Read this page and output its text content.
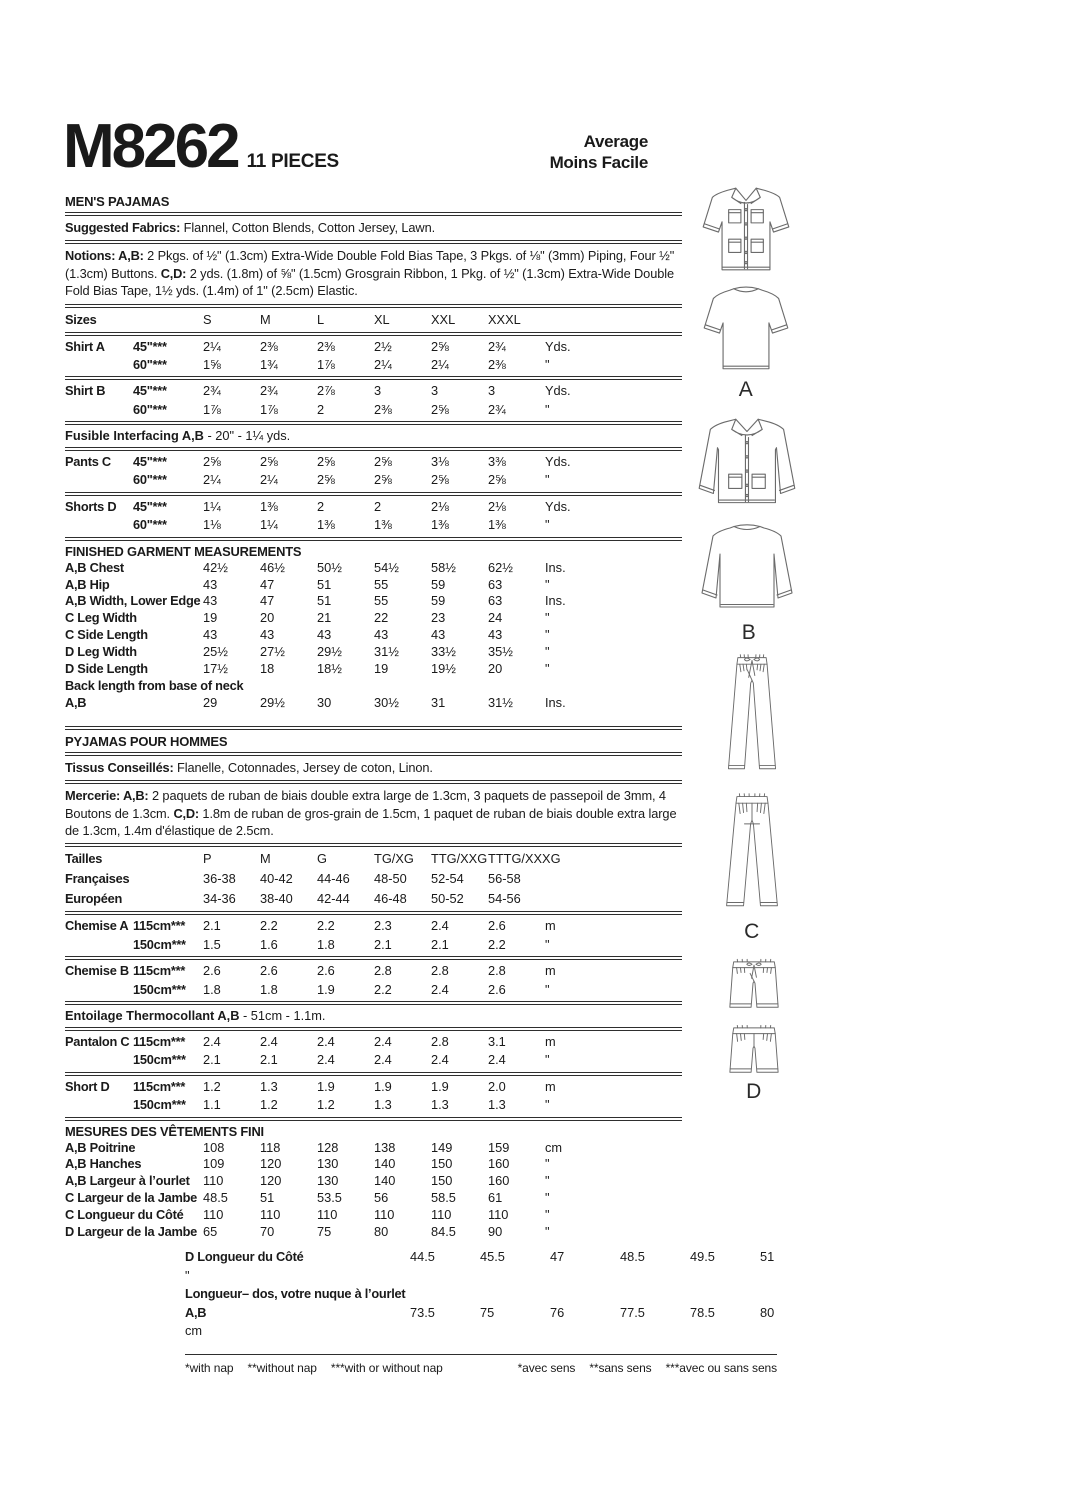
M8262 11 PIECES
Average
Moins Facile
MEN'S PAJAMAS
Suggested Fabrics: Flannel, Cotton Blends, Cotton Jersey, Lawn.
Notions: A,B: 2 Pkgs. of ½" (1.3cm) Extra-Wide Double Fold Bias Tape, 3 Pkgs. of ⅛" (3mm) Piping, Four ½" (1.3cm) Buttons. C,D: 2 yds. (1.8m) of ⅝" (1.5cm) Grosgrain Ribbon, 1 Pkg. of ½" (1.3cm) Extra-Wide Double Fold Bias Tape, 1½ yds. (1.4m) of 1" (2.5cm) Elastic.
Sizes	S	M	L	XL	XXL	XXXL
Shirt A	45"***	2¼	2⅜	2⅜	2½	2⅝	2¾	Yds.
60"***	1⅝	1¾	1⅞	2¼	2¼	2⅜	"
Shirt B	45"***	2¾	2¾	2⅞	3	3	3	Yds.
60"***	1⅞	1⅞	2	2⅜	2⅝	2¾	"
Fusible Interfacing A,B - 20" - 1¼ yds.
Pants C	45"***	2⅝	2⅝	2⅝	2⅝	3⅛	3⅜	Yds.
60"***	2¼	2¼	2⅝	2⅝	2⅝	2⅝	"
Shorts D	45"***	1¼	1⅜	2	2	2⅛	2⅛	Yds.
60"***	1⅛	1¼	1⅜	1⅜	1⅜	1⅜	"
FINISHED GARMENT MEASUREMENTS
A,B Chest	42½	46½	50½	54½	58½	62½	Ins.
A,B Hip	43	47	51	55	59	63	"
A,B Width, Lower Edge 43	47	51	55	59	63	Ins.
C Leg Width	19	20	21	22	23	24	"
C Side Length	43	43	43	43	43	43	"
D Leg Width	25½	27½	29½	31½	33½	35½	"
D Side Length	17½	18	18½	19	19½	20	"
Back length from base of neck
A,B	29	29½	30	30½	31	31½	Ins.
PYJAMAS POUR HOMMES
Tissus Conseillés: Flanelle, Cotonnades, Jersey de coton, Linon.
Mercerie: A,B: 2 paquets de ruban de biais double extra large de 1.3cm, 3 paquets de passepoil de 3mm, 4 Boutons de 1.3cm. C,D: 1.8m de ruban de gros-grain de 1.5cm, 1 paquet de ruban de biais double extra large de 1.3cm, 1.4m d'élastique de 2.5cm.
Tailles	P	M	G	TG/XG	TTG/XXG TTTG/XXXG
Françaises	36-38	40-42	44-46	48-50	52-54	56-58
Européen	34-36	38-40	42-44	46-48	50-52	54-56
Chemise A 115cm***	2.1	2.2	2.2	2.3	2.4	2.6	m
150cm***	1.5	1.6	1.8	2.1	2.1	2.2	"
Chemise B 115cm***	2.6	2.6	2.6	2.8	2.8	2.8	m
150cm***	1.8	1.8	1.9	2.2	2.4	2.6	"
Entoilage Thermocollant A,B - 51cm - 1.1m.
Pantalon C 115cm***	2.4	2.4	2.4	2.4	2.8	3.1	m
150cm***	2.1	2.1	2.4	2.4	2.4	2.4	"
Short D	115cm***	1.2	1.3	1.9	1.9	1.9	2.0	m
150cm***	1.1	1.2	1.2	1.3	1.3	1.3	"
MESURES DES VÊTEMENTS FINI
A,B Poitrine	108	118	128	138	149	159	cm
A,B Hanches	109	120	130	140	150	160	"
A,B Largeur à l’ourlet	110	120	130	140	150	160	"
C Largeur de la Jambe 48.5	51	53.5	56	58.5	61	"
C Longueur du Côté	110	110	110	110	110	110	"
D Largeur de la Jambe 65	70	75	80	84.5	90	"
D Longueur du Côté	44.5	45.5	47	48.5	49.5	51
"
Longueur– dos, votre nuque à l’ourlet
A,B	73.5	75	76	77.5	78.5	80
cm
*with nap **without nap ***with or without nap	*avec sens **sans sens ***avec ou sans sens
A
B
C
D
